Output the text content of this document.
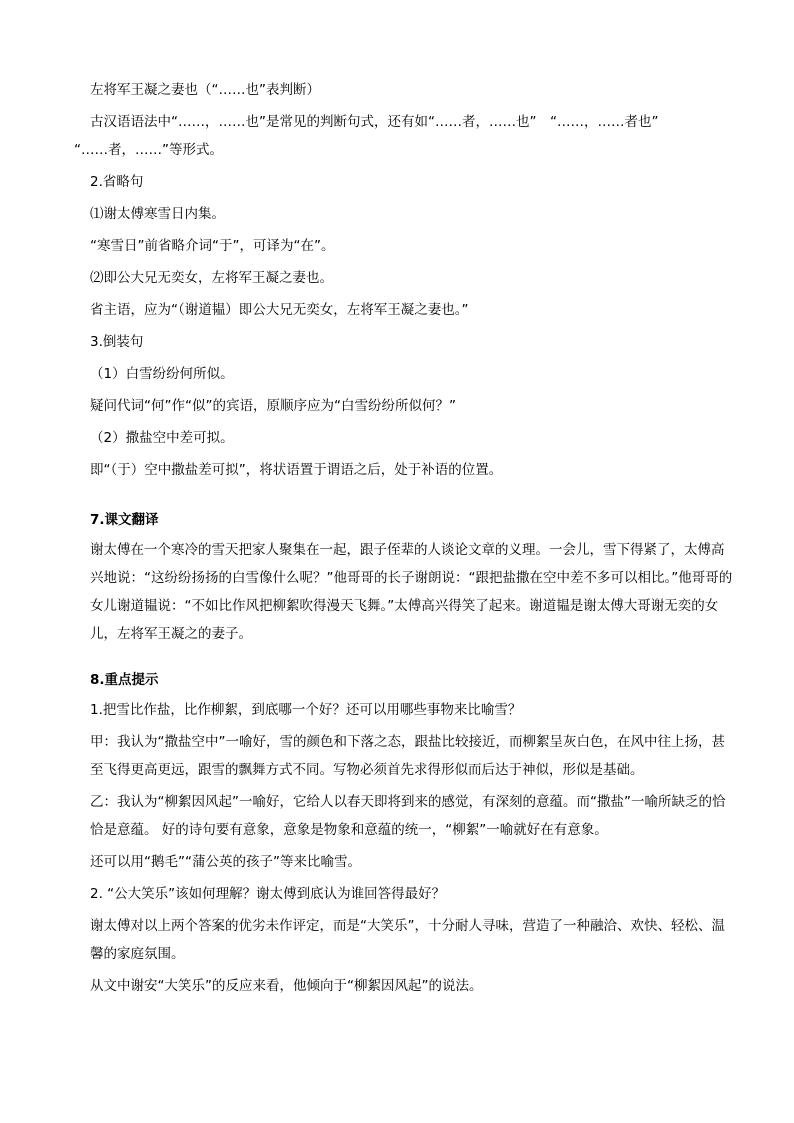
左将军王凝之妻也（“……也”表判断）

古汉语语法中“……，……也”是常见的判断句式，还有如“……者，……也”　“……，……者也”

“……者，……”等形式。

2.省略句

⑴谢太傅寒雪日内集。

“寒雪日”前省略介词“于”，可译为“在”。

⑵即公大兄无奕女，左将军王凝之妻也。

省主语，应为“（谢道韫）即公大兄无奕女，左将军王凝之妻也。”

3.倒装句

（1）白雪纷纷何所似。

疑问代词“何”作“似”的宾语，原顺序应为“白雪纷纷所似何？”

（2）撒盐空中差可拟。

即“（于）空中撒盐差可拟”，将状语置于谓语之后，处于补语的位置。

7.课文翻译

谢太傅在一个寒冷的雪天把家人聚集在一起，跟子侄辈的人谈论文章的义理。一会儿，雪下得紧了，太傅高兴地说：“这纷纷扬扬的白雪像什么呢？”他哥哥的长子谢朗说：“跟把盐撒在空中差不多可以相比。”他哥哥的女儿谢道韫说：“不如比作风把柳絮吹得漫天飞舞。”太傅高兴得笑了起来。谢道韫是谢太傅大哥谢无奕的女儿，左将军王凝之的妻子。

8.重点提示

1.把雪比作盐，比作柳絮，到底哪一个好？还可以用哪些事物来比喻雪？

甲：我认为“撒盐空中”一喻好，雪的颜色和下落之态，跟盐比较接近，而柳絮呈灰白色，在风中往上扬，甚至飞得更高更远，跟雪的飘舞方式不同。写物必须首先求得形似而后达于神似，形似是基础。

乙：我认为“柳絮因风起”一喻好，它给人以春天即将到来的感觉，有深刻的意蕴。而“撒盐”一喻所缺乏的恰恰是意蕴。 好的诗句要有意象，意象是物象和意蕴的统一，“柳絮”一喻就好在有意象。

还可以用“鹅毛”“蒲公英的孩子”等来比喻雪。

2. “公大笑乐”该如何理解？谢太傅到底认为谁回答得最好？

谢太傅对以上两个答案的优劣未作评定，而是“大笑乐”，十分耐人寻味，营造了一种融洽、欢快、轻松、温馨的家庭氛围。

从文中谢安“大笑乐”的反应来看，他倾向于“柳絮因风起”的说法。
